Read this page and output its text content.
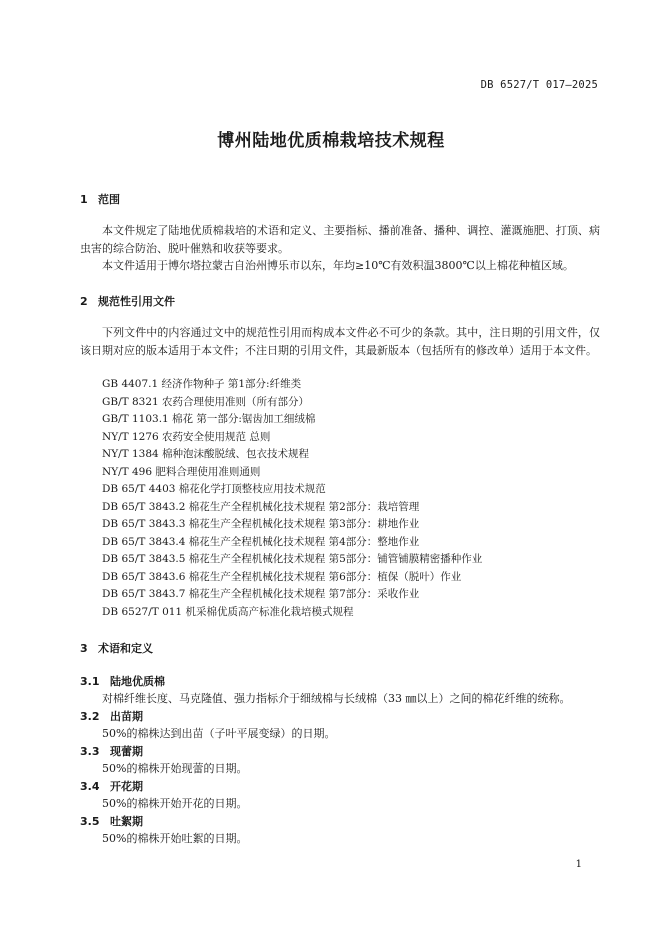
DB 6527/T 017—2025
博州陆地优质棉栽培技术规程
1 范围

本文件规定了陆地优质棉栽培的术语和定义、主要指标、播前准备、播种、调控、灌溉施肥、打顶、病虫害的综合防治、脱叶催熟和收获等要求。

本文件适用于博尔塔拉蒙古自治州博乐市以东，年均≥10℃有效积温3800℃以上棉花种植区域。

2 规范性引用文件

下列文件中的内容通过文中的规范性引用而构成本文件必不可少的条款。其中，注日期的引用文件，仅该日期对应的版本适用于本文件；不注日期的引用文件，其最新版本（包括所有的修改单）适用于本文件。

GB 4407.1 经济作物种子 第1部分:纤维类
GB/T 8321 农药合理使用准则（所有部分）
GB/T 1103.1 棉花 第一部分:锯齿加工细绒棉
NY/T 1276 农药安全使用规范 总则
NY/T 1384 棉种泡沫酸脱绒、包衣技术规程
NY/T 496 肥料合理使用准则通则
DB 65/T 4403 棉花化学打顶整枝应用技术规范
DB 65/T 3843.2 棉花生产全程机械化技术规程 第2部分：栽培管理
DB 65/T 3843.3 棉花生产全程机械化技术规程 第3部分：耕地作业
DB 65/T 3843.4 棉花生产全程机械化技术规程 第4部分：整地作业
DB 65/T 3843.5 棉花生产全程机械化技术规程 第5部分：铺管铺膜精密播种作业
DB 65/T 3843.6 棉花生产全程机械化技术规程 第6部分：植保（脱叶）作业
DB 65/T 3843.7 棉花生产全程机械化技术规程 第7部分：采收作业
DB 6527/T 011 机采棉优质高产标准化栽培模式规程
3 术语和定义
3.1 陆地优质棉
对棉纤维长度、马克隆值、强力指标介于细绒棉与长绒棉（33 ㎜以上）之间的棉花纤维的统称。
3.2 出苗期
50%的棉株达到出苗（子叶平展变绿）的日期。
3.3 现蕾期
50%的棉株开始现蕾的日期。
3.4 开花期
50%的棉株开始开花的日期。
3.5 吐絮期
50%的棉株开始吐絮的日期。
1
